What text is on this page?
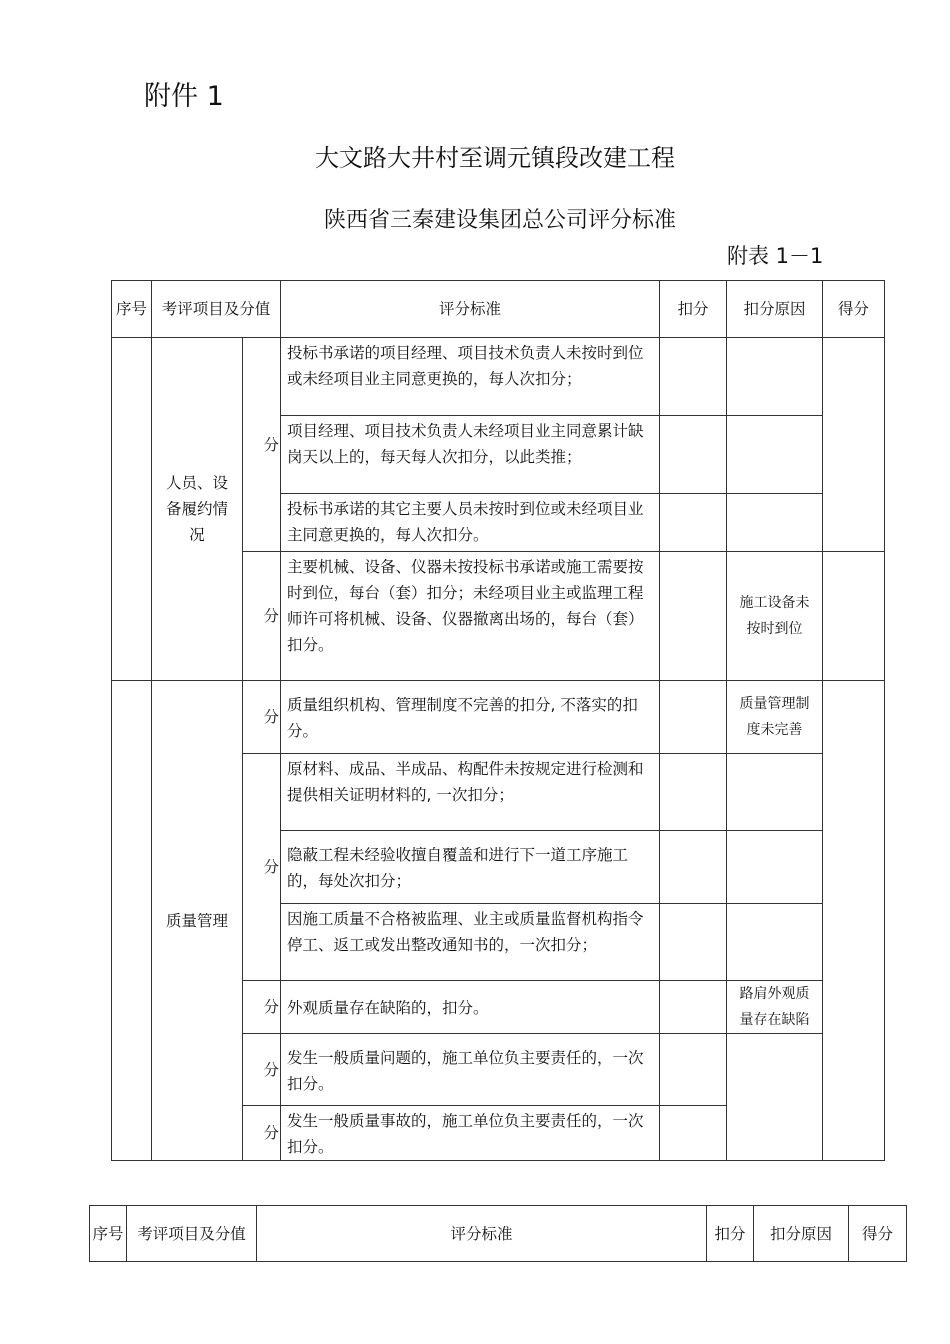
附件 1
大文路大井村至调元镇段改建工程
陕西省三秦建设集团总公司评分标准
附表 1－1
序号	考评项目及分值		评分标准	扣分	扣分原因	得分
	人员、设备履约情况	分	投标书承诺的项目经理、项目技术负责人未按时到位或未经项目业主同意更换的，每人次扣分；			
			项目经理、项目技术负责人未经项目业主同意累计缺岗天以上的，每天每人次扣分，以此类推；			
			投标书承诺的其它主要人员未按时到位或未经项目业主同意更换的，每人次扣分。			
		分	主要机械、设备、仪器未按投标书承诺或施工需要按时到位，每台（套）扣分；未经项目业主或监理工程师许可将机械、设备、仪器撤离出场的，每台（套）扣分。		施工设备未按时到位	
	质量管理	分	质量组织机构、管理制度不完善的扣分, 不落实的扣分。		质量管理制度未完善	
		分	原材料、成品、半成品、构配件未按规定进行检测和提供相关证明材料的, 一次扣分；			
			隐蔽工程未经验收擅自覆盖和进行下一道工序施工的，每处次扣分；			
			因施工质量不合格被监理、业主或质量监督机构指令停工、返工或发出整改通知书的，一次扣分；			
		分	外观质量存在缺陷的，扣分。		路肩外观质量存在缺陷	
		分	发生一般质量问题的，施工单位负主要责任的，一次扣分。			
		分	发生一般质量事故的，施工单位负主要责任的，一次扣分。			
序号	考评项目及分值	评分标准	扣分	扣分原因	得分
